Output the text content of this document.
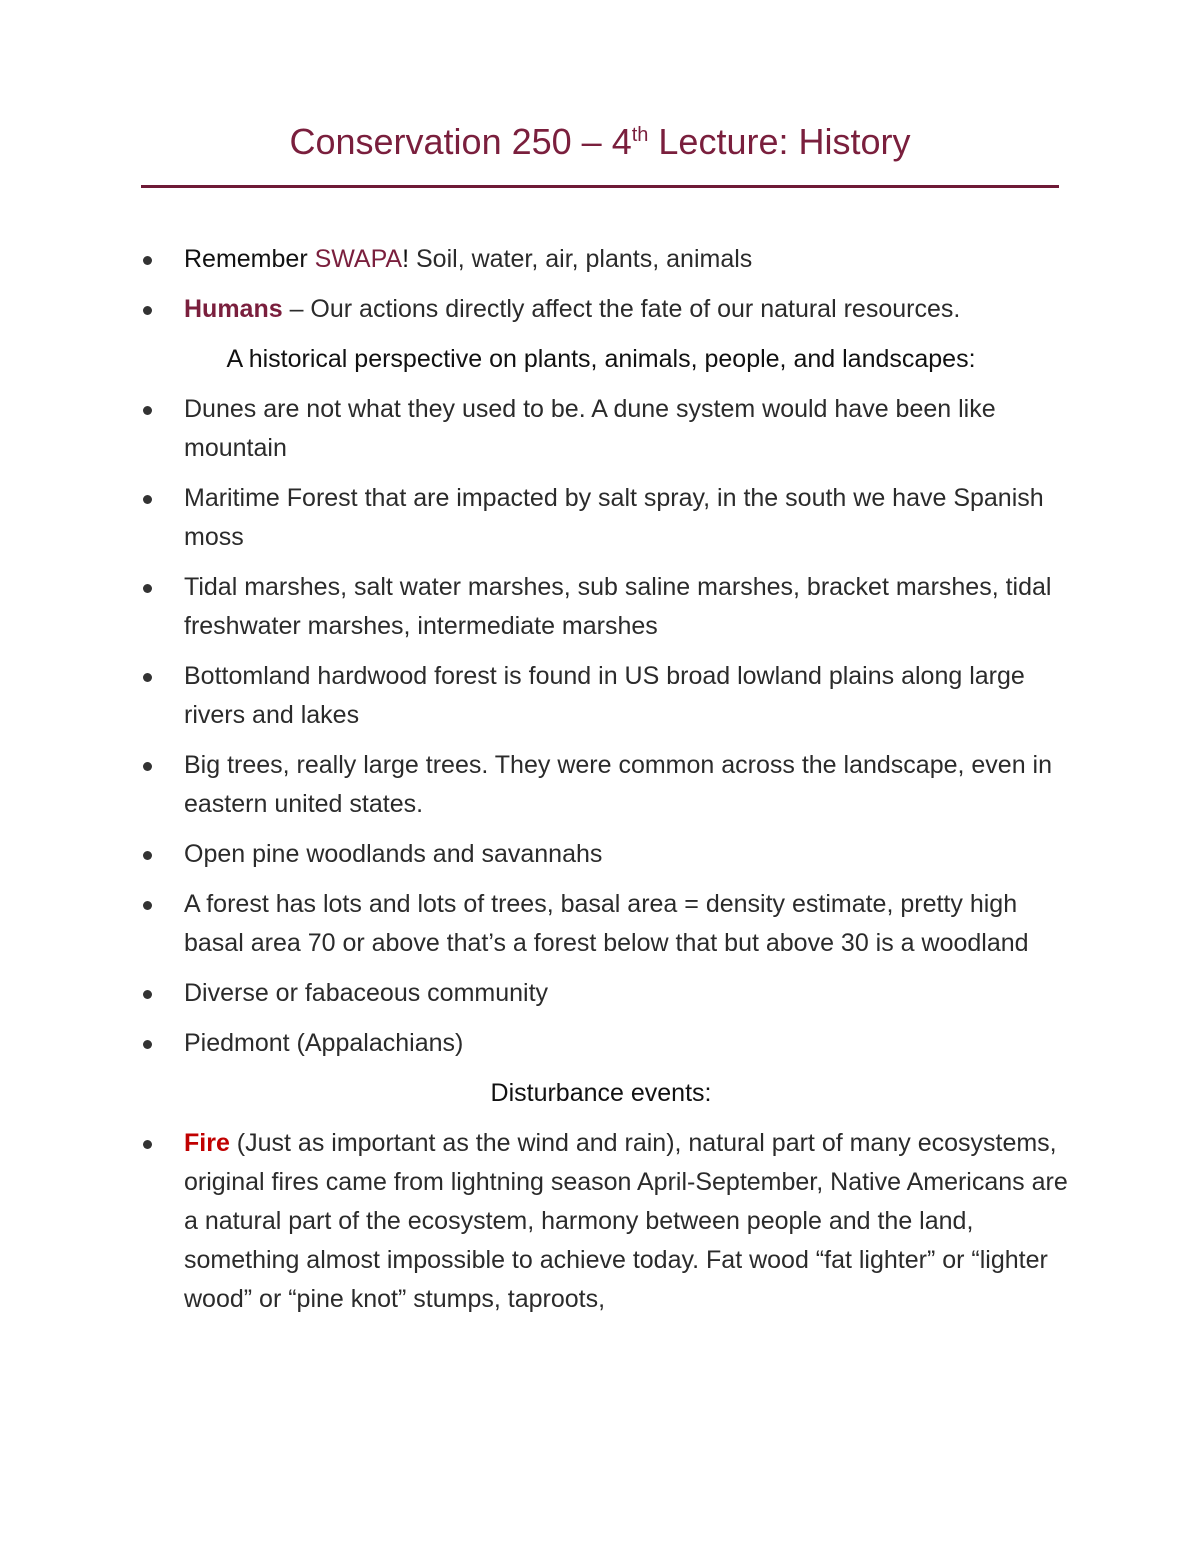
Conservation 250 – 4th Lecture: History
Remember SWAPA! Soil, water, air, plants, animals
Humans – Our actions directly affect the fate of our natural resources.
A historical perspective on plants, animals, people, and landscapes:
Dunes are not what they used to be. A dune system would have been like mountain
Maritime Forest that are impacted by salt spray, in the south we have Spanish moss
Tidal marshes, salt water marshes, sub saline marshes, bracket marshes, tidal freshwater marshes, intermediate marshes
Bottomland hardwood forest is found in US broad lowland plains along large rivers and lakes
Big trees, really large trees. They were common across the landscape, even in eastern united states.
Open pine woodlands and savannahs
A forest has lots and lots of trees, basal area = density estimate, pretty high basal area 70 or above that’s a forest below that but above 30 is a woodland
Diverse or fabaceous community
Piedmont (Appalachians)
Disturbance events:
Fire (Just as important as the wind and rain), natural part of many ecosystems, original fires came from lightning season April-September, Native Americans are a natural part of the ecosystem, harmony between people and the land, something almost impossible to achieve today. Fat wood “fat lighter” or “lighter wood” or “pine knot” stumps, taproots,
